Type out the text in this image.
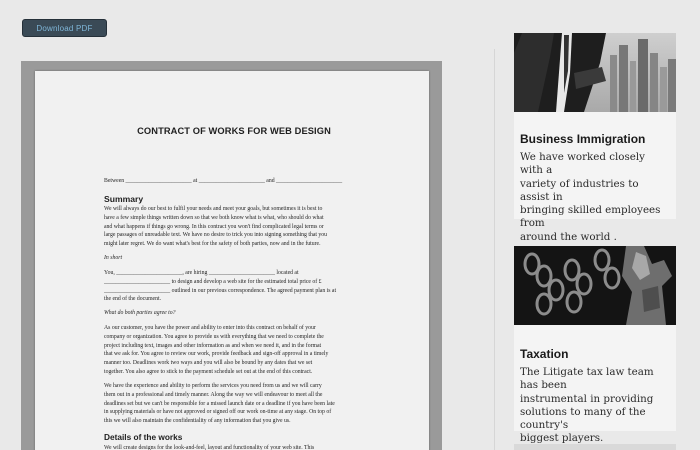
Download PDF
CONTRACT OF WORKS FOR WEB DESIGN
Between _______________________ at _______________________ and _______________________
Summary
We will always do our best to fulfil your needs and meet your goals, but sometimes it is best to
have a few simple things written down so that we both know what is what, who should do what
and what happens if things go wrong. In this contract you won't find complicated legal terms or
large passages of unreadable text. We have no desire to trick you into signing something that you
might later regret. We do want what's best for the safety of both parties, now and in the future.
In short
You, _______________________, are hiring _______________________ located at
_______________________ to design and develop a web site for the estimated total price of £
_______________________ outlined in our previous correspondence. The agreed payment plan is at
the end of the document.
What do both parties agree to?
As our customer, you have the power and ability to enter into this contract on behalf of your
company or organization. You agree to provide us with everything that we need to complete the
project including text, images and other information as and when we need it, and in the format
that we ask for. You agree to review our work, provide feedback and sign-off approval in a timely
manner too. Deadlines work two ways and you will also be bound by any dates that we set
together. You also agree to stick to the payment schedule set out at the end of this contract.
We have the experience and ability to perform the services you need from us and we will carry
them out in a professional and timely manner. Along the way we will endeavour to meet all the
deadlines set but we can't be responsible for a missed launch date or a deadline if you have been late
in supplying materials or have not approved or signed off our work on-time at any stage. On top of
this we will also maintain the confidentiality of any information that you give us.
Details of the works
We will create designs for the look-and-feel, layout and functionality of your web site. This
Business Immigration
We have worked closely with a
variety of industries to assist in
bringing skilled employees from
around the world .
Taxation
The Litigate tax law team has been
instrumental in providing
solutions to many of the country's
biggest players.
